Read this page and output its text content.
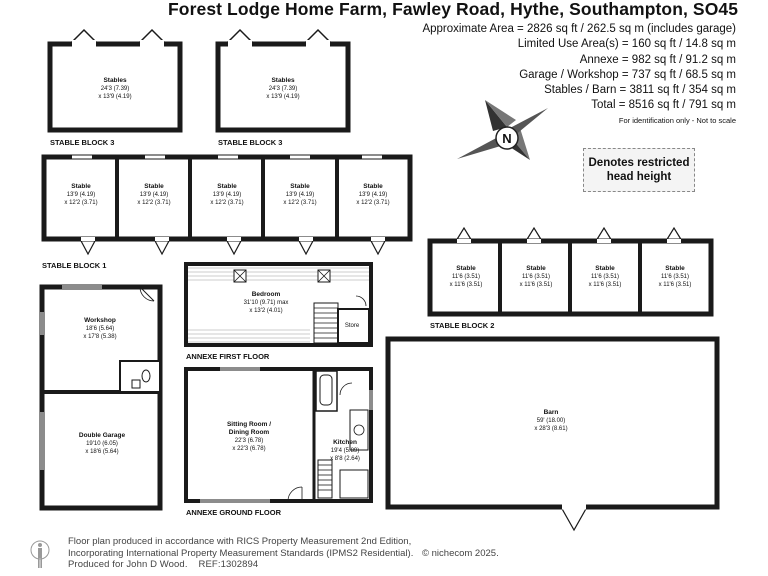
N
STABLE BLOCK 3	STABLE BLOCK 3
STABLE BLOCK 1
STABLE BLOCK 2
ANNEXE FIRST FLOOR
ANNEXE GROUND FLOOR
Stables
24'3 (7.39)
x 13'9 (4.19)
Stables
24'3 (7.39)
x 13'9 (4.19)
Stable
13'9 (4.19)
x 12'2 (3.71)
Stable
13'9 (4.19)
x 12'2 (3.71)
Stable
13'9 (4.19)
x 12'2 (3.71)
Stable
13'9 (4.19)
x 12'2 (3.71)
Stable
13'9 (4.19)
x 12'2 (3.71)
Stable
11'6 (3.51)
x 11'6 (3.51)
Stable
11'6 (3.51)
x 11'6 (3.51)
Stable
11'6 (3.51)
x 11'6 (3.51)
Stable
11'6 (3.51)
x 11'6 (3.51)
Workshop
18'6 (5.64)
x 17'8 (5.38)
Double Garage
19'10 (6.05)
x 18'6 (5.64)
Bedroom
31'10 (9.71) max
x 13'2 (4.01)
Store
Sitting Room /
Dining Room
22'3 (6.78)
x 22'3 (6.78)
Kitchen
19'4 (5.89)
x 8'8 (2.64)
Barn
59' (18.00)
x 28'3 (8.61)
Forest Lodge Home Farm, Fawley Road, Hythe, Southampton, SO45
Approximate Area = 2826 sq ft / 262.5 sq m (includes garage)
Limited Use Area(s) = 160 sq ft / 14.8 sq m
Annexe = 982 sq ft / 91.2 sq m
Garage / Workshop = 737 sq ft / 68.5 sq m
Stables / Barn = 3811 sq ft / 354 sq m
Total = 8516 sq ft / 791 sq m
For identification only - Not to scale
Denotes restricted
head height
Floor plan produced in accordance with RICS Property Measurement 2nd Edition,
Incorporating International Property Measurement Standards (IPMS2 Residential).
Produced for John D Wood. REF:1302894
© nichecom 2025.
